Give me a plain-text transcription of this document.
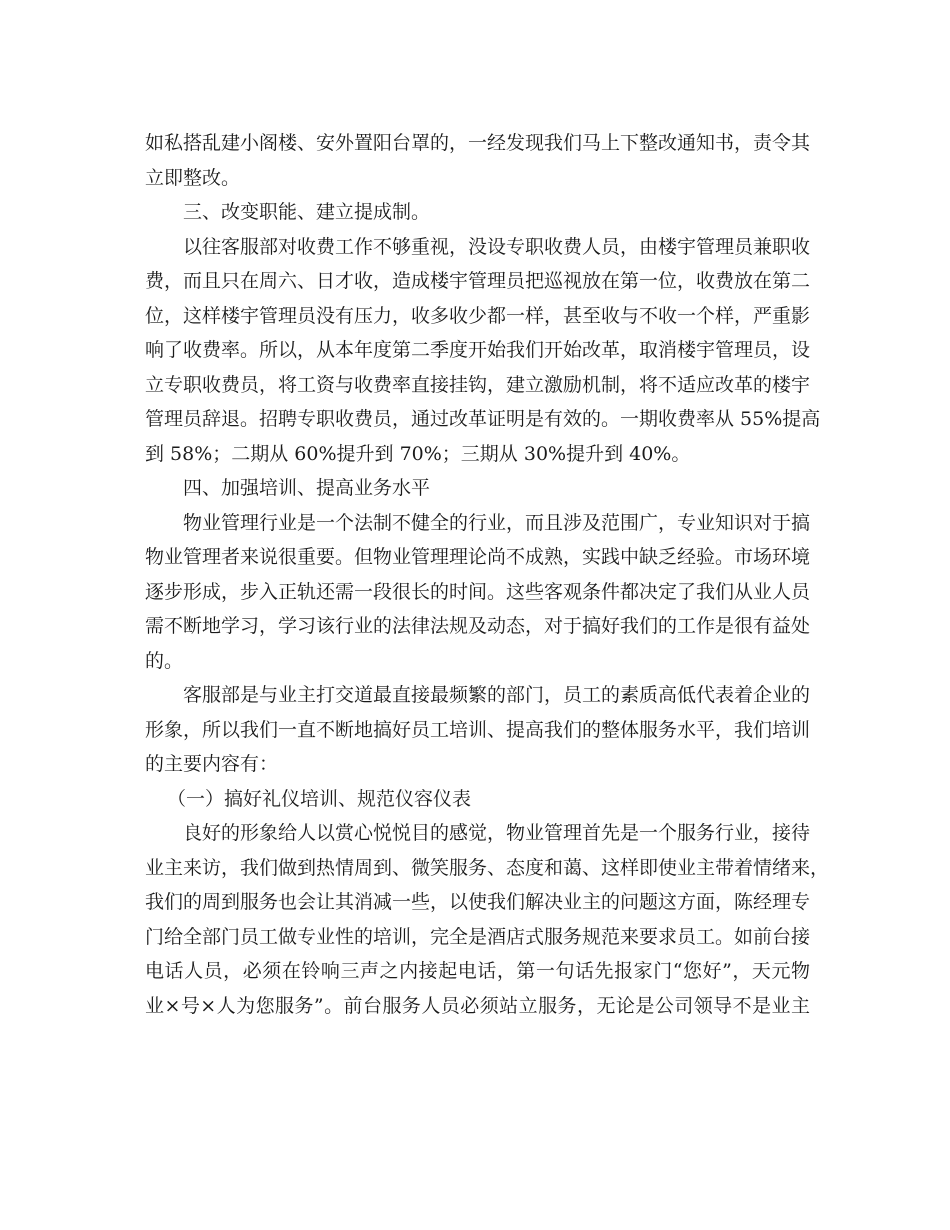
如私搭乱建小阁楼、安外置阳台罩的，一经发现我们马上下整改通知书，责令其
立即整改。
三、改变职能、建立提成制。
以往客服部对收费工作不够重视，没设专职收费人员，由楼宇管理员兼职收
费，而且只在周六、日才收，造成楼宇管理员把巡视放在第一位，收费放在第二
位，这样楼宇管理员没有压力，收多收少都一样，甚至收与不收一个样，严重影
响了收费率。所以，从本年度第二季度开始我们开始改革，取消楼宇管理员，设
立专职收费员，将工资与收费率直接挂钩，建立激励机制，将不适应改革的楼宇
管理员辞退。招聘专职收费员，通过改革证明是有效的。一期收费率从 55%提高
到 58%；二期从 60%提升到 70%；三期从 30%提升到 40%。
四、加强培训、提高业务水平
物业管理行业是一个法制不健全的行业，而且涉及范围广，专业知识对于搞
物业管理者来说很重要。但物业管理理论尚不成熟，实践中缺乏经验。市场环境
逐步形成，步入正轨还需一段很长的时间。这些客观条件都决定了我们从业人员
需不断地学习，学习该行业的法律法规及动态，对于搞好我们的工作是很有益处
的。
客服部是与业主打交道最直接最频繁的部门，员工的素质高低代表着企业的
形象，所以我们一直不断地搞好员工培训、提高我们的整体服务水平，我们培训
的主要内容有：
（一）搞好礼仪培训、规范仪容仪表
良好的形象给人以赏心悦悦目的感觉，物业管理首先是一个服务行业，接待
业主来访，我们做到热情周到、微笑服务、态度和蔼、这样即使业主带着情绪来，
我们的周到服务也会让其消减一些，以使我们解决业主的问题这方面，陈经理专
门给全部门员工做专业性的培训，完全是酒店式服务规范来要求员工。如前台接
电话人员，必须在铃响三声之内接起电话，第一句话先报家门“您好”，天元物
业×号×人为您服务”。前台服务人员必须站立服务，无论是公司领导不是业主
